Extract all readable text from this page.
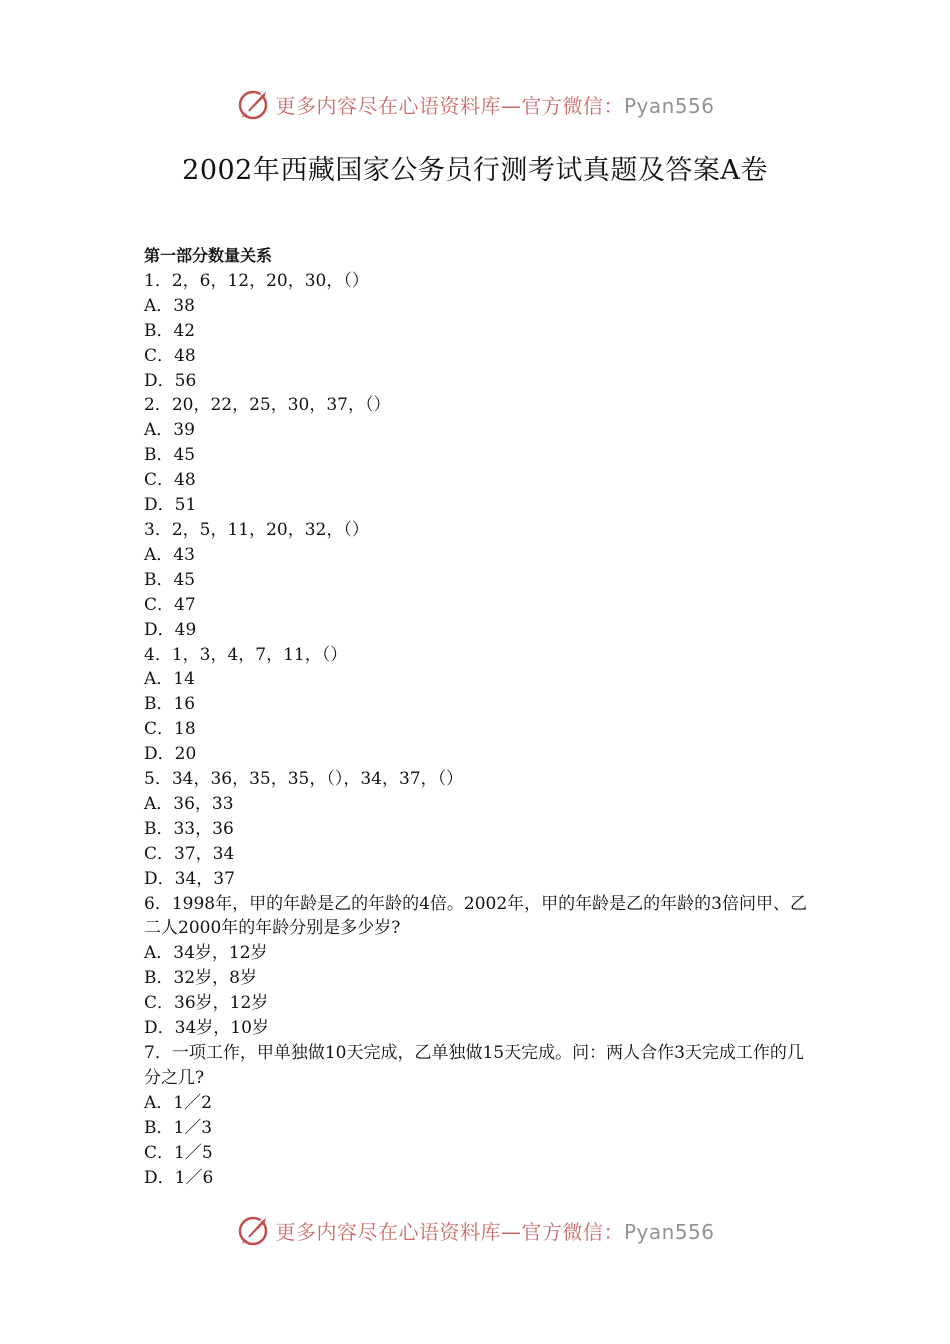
更多内容尽在心语资料库—官方微信：Pyan556
2002年西藏国家公务员行测考试真题及答案A卷
第一部分数量关系
1．2，6，12，20，30，（）
A．38
B．42
C．48
D．56
2．20，22，25，30，37，（）
A．39
B．45
C．48
D．51
3．2，5，11，20，32，（）
A．43
B．45
C．47
D．49
4．1，3，4，7，11，（）
A．14
B．16
C．18
D．20
5．34，36，35，35，（），34，37，（）
A．36，33
B．33，36
C．37，34
D．34，37
6．1998年，甲的年龄是乙的年龄的4倍。2002年，甲的年龄是乙的年龄的3倍问甲、乙二人2000年的年龄分别是多少岁?
A．34岁，12岁
B．32岁，8岁
C．36岁，12岁
D．34岁，10岁
7．一项工作，甲单独做10天完成，乙单独做15天完成。问：两人合作3天完成工作的几分之几?
A．1／2
B．1／3
C．1／5
D．1／6
更多内容尽在心语资料库—官方微信：Pyan556
